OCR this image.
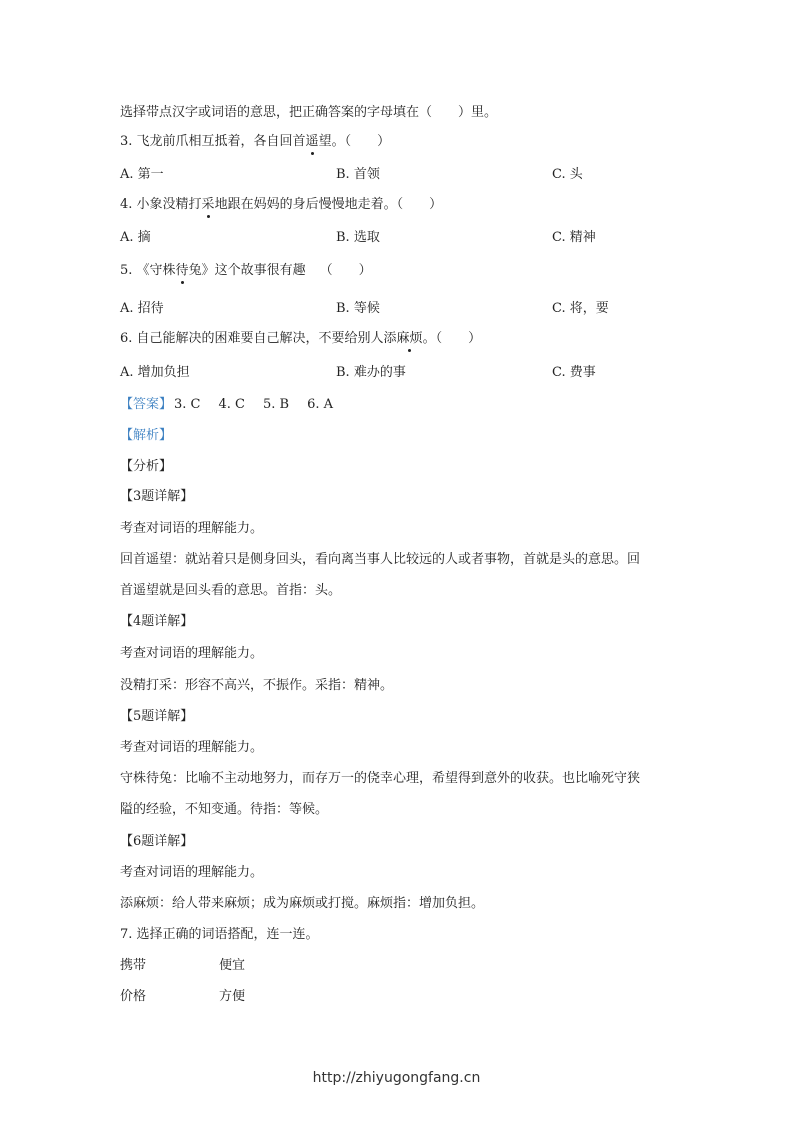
选择带点汉字或词语的意思，把正确答案的字母填在（　　）里。
3. 飞龙前爪相互抵着，各自回首遥望。（　　）
A. 第一	B. 首领	C. 头
4. 小象没精打采地跟在妈妈的身后慢慢地走着。（　　）
A. 摘	B. 选取	C. 精神
5. 《守株待兔》这个故事很有趣 （　　）
A. 招待	B. 等候	C. 将，要
6. 自己能解决的困难要自己解决，不要给别人添麻烦。（　　）
A. 增加负担	B. 难办的事	C. 费事
【答案】 3. C 4. C 5. B 6. A
【解析】
【分析】
【3题详解】
考查对词语的理解能力。
回首遥望：就站着只是侧身回头，看向离当事人比较远的人或者事物，首就是头的意思。回
首遥望就是回头看的意思。首指：头。
【4题详解】
考查对词语的理解能力。
没精打采：形容不高兴，不振作。采指：精神。
【5题详解】
考查对词语的理解能力。
守株待兔：比喻不主动地努力，而存万一的侥幸心理，希望得到意外的收获。也比喻死守狭
隘的经验，不知变通。待指：等候。
【6题详解】
考查对词语的理解能力。
添麻烦：给人带来麻烦；成为麻烦或打搅。麻烦指：增加负担。
7. 选择正确的词语搭配，连一连。
携带	便宜
价格	方便
http://zhiyugongfang.cn
